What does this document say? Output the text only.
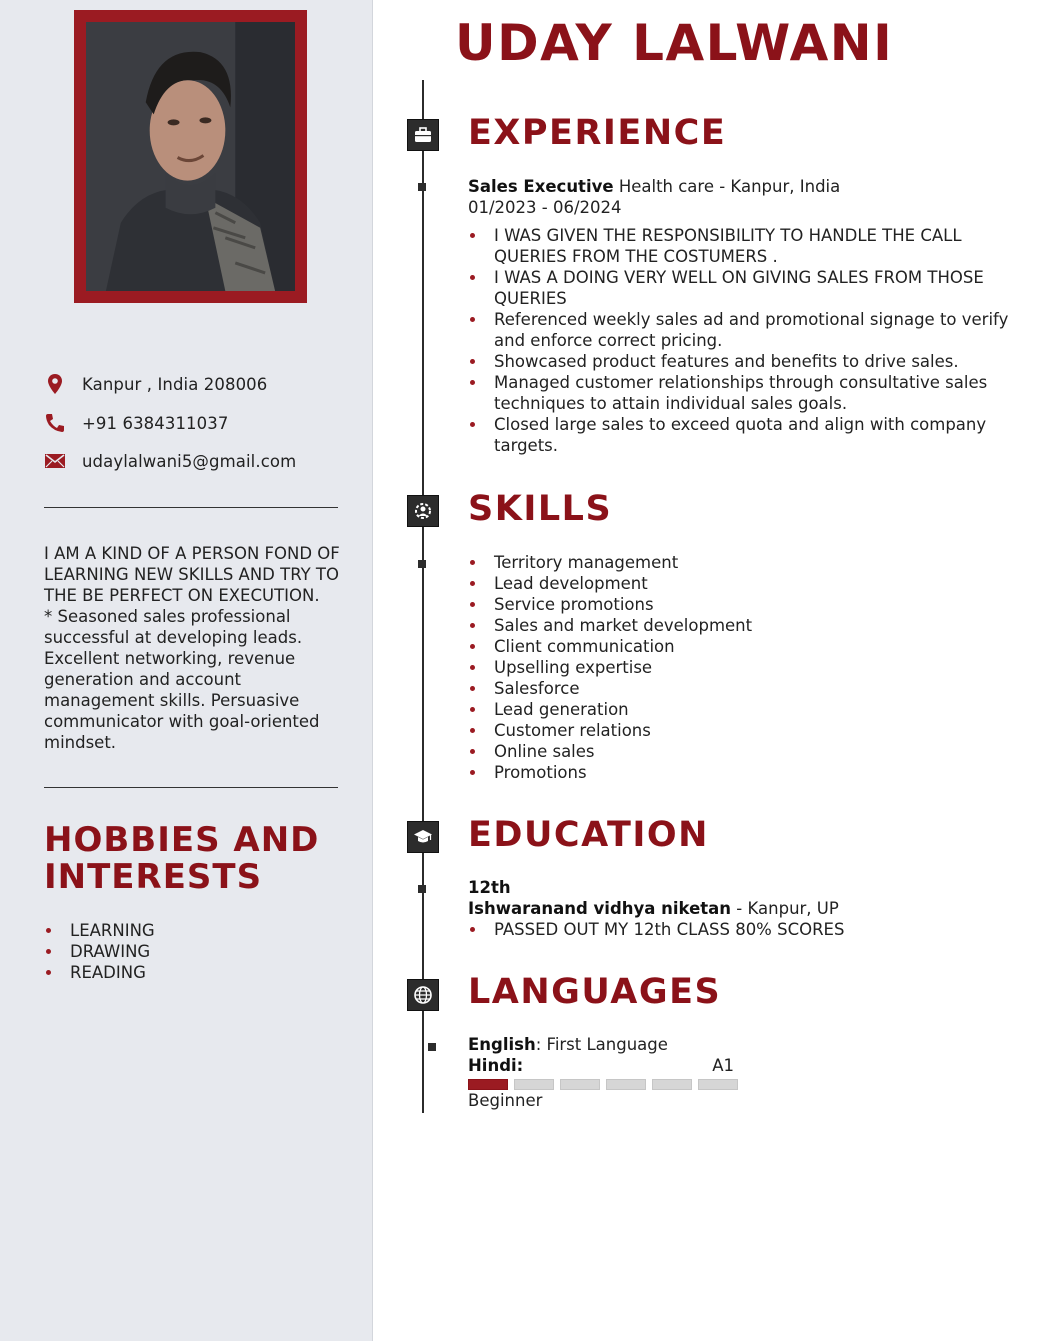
Kanpur , India 208006
+91 6384311037
udaylalwani5@gmail.com

I AM A KIND OF A PERSON FOND OF LEARNING NEW SKILLS AND TRY TO THE BE PERFECT ON EXECUTION.

* Seasoned sales professional successful at developing leads. Excellent networking, revenue generation and account management skills. Persuasive communicator with goal-oriented mindset.

HOBBIES AND INTERESTS
LEARNING
DRAWING
READING
UDAY LALWANI
EXPERIENCE
Sales Executive Health care - Kanpur, India
01/2023 - 06/2024
I WAS GIVEN THE RESPONSIBILITY TO HANDLE THE CALL QUERIES FROM THE COSTUMERS .
I WAS A DOING VERY WELL ON GIVING SALES FROM THOSE QUERIES
Referenced weekly sales ad and promotional signage to verify and enforce correct pricing.
Showcased product features and benefits to drive sales.
Managed customer relationships through consultative sales techniques to attain individual sales goals.
Closed large sales to exceed quota and align with company targets.
SKILLS
Territory management
Lead development
Service promotions
Sales and market development
Client communication
Upselling expertise
Salesforce
Lead generation
Customer relations
Online sales
Promotions
EDUCATION
12th
Ishwaranand vidhya niketan - Kanpur, UP
PASSED OUT MY 12th CLASS 80% SCORES
LANGUAGES
English: First Language
Hindi:	A1
Beginner
